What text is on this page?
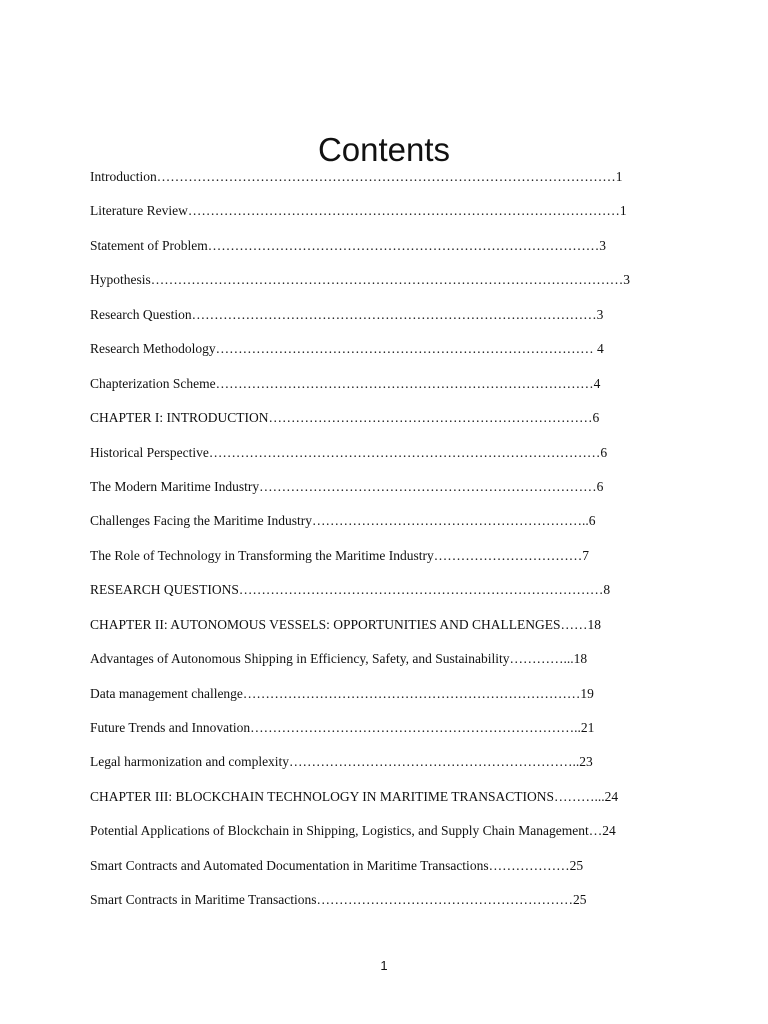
Contents
Introduction…………………………………………………………………………………………1
Literature Review……………………………………………………………………………………1
Statement of Problem……………………………………………………………………………3
Hypothesis……………………………………………………………………………………………3
Research Question………………………………………………………………………………3
Research Methodology………………………………………………………………………… 4
Chapterization Scheme…………………………………………………………………………4
CHAPTER I: INTRODUCTION………………………………………………………………6
Historical Perspective……………………………………………………………………………6
The Modern Maritime Industry…………………………………………………………………6
Challenges Facing the Maritime Industry……………………………………………………..6
The Role of Technology in Transforming the Maritime Industry……………………………7
RESEARCH QUESTIONS………………………………………………………………………8
CHAPTER II: AUTONOMOUS VESSELS: OPPORTUNITIES AND CHALLENGES……18
Advantages of Autonomous Shipping in Efficiency, Safety, and Sustainability…………...18
Data management challenge…………………………………………………………………19
Future Trends and Innovation………………………………………………………………..21
Legal harmonization and complexity………………………………………………………..23
CHAPTER III: BLOCKCHAIN TECHNOLOGY IN MARITIME TRANSACTIONS………...24
Potential Applications of Blockchain in Shipping, Logistics, and Supply Chain Management…24
Smart Contracts and Automated Documentation in Maritime Transactions………………25
Smart Contracts in Maritime Transactions…………………………………………………25
1
